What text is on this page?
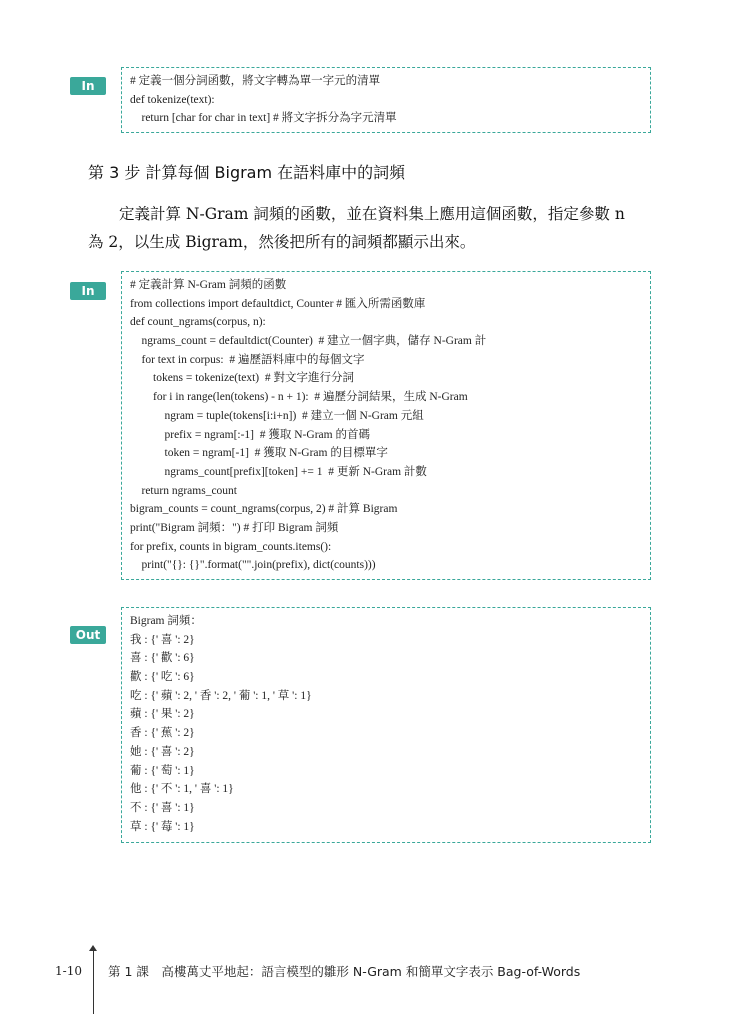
In	# 定義一個分詞函數，將文字轉為單一字元的清單
def tokenize(text):
return [char for char in text] # 將文字拆分為字元清單
第 3 步 計算每個 Bigram 在語料庫中的詞頻
定義計算 N-Gram 詞頻的函數，並在資料集上應用這個函數，指定參數 n
為 2，以生成 Bigram，然後把所有的詞頻都顯示出來。
In	# 定義計算 N-Gram 詞頻的函數
from collections import defaultdict, Counter # 匯入所需函數庫
def count_ngrams(corpus, n):
ngrams_count = defaultdict(Counter)  # 建立一個字典，儲存 N-Gram 計
for text in corpus:  # 遍歷語料庫中的每個文字
tokens = tokenize(text)  # 對文字進行分詞
for i in range(len(tokens) - n + 1):  # 遍歷分詞結果，生成 N-Gram
ngram = tuple(tokens[i:i+n])  # 建立一個 N-Gram 元組
prefix = ngram[:-1]  # 獲取 N-Gram 的首碼
token = ngram[-1]  # 獲取 N-Gram 的目標單字
ngrams_count[prefix][token] += 1  # 更新 N-Gram 計數
return ngrams_count
bigram_counts = count_ngrams(corpus, 2) # 計算 Bigram
print("Bigram 詞頻：") # 打印 Bigram 詞頻
for prefix, counts in bigram_counts.items():
print("{}: {}".format("".join(prefix), dict(counts)))
Out
Bigram 詞頻：
我 : {' 喜 ': 2}
喜 : {' 歡 ': 6}
歡 : {' 吃 ': 6}
吃 : {' 蘋 ': 2, ' 香 ': 2, ' 葡 ': 1, ' 草 ': 1}
蘋 : {' 果 ': 2}
香 : {' 蕉 ': 2}
她 : {' 喜 ': 2}
葡 : {' 萄 ': 1}
他 : {' 不 ': 1, ' 喜 ': 1}
不 : {' 喜 ': 1}
草 : {' 莓 ': 1}
1-10 第 1 課　高樓萬丈平地起：語言模型的雛形 N-Gram 和簡單文字表示 Bag-of-Words
